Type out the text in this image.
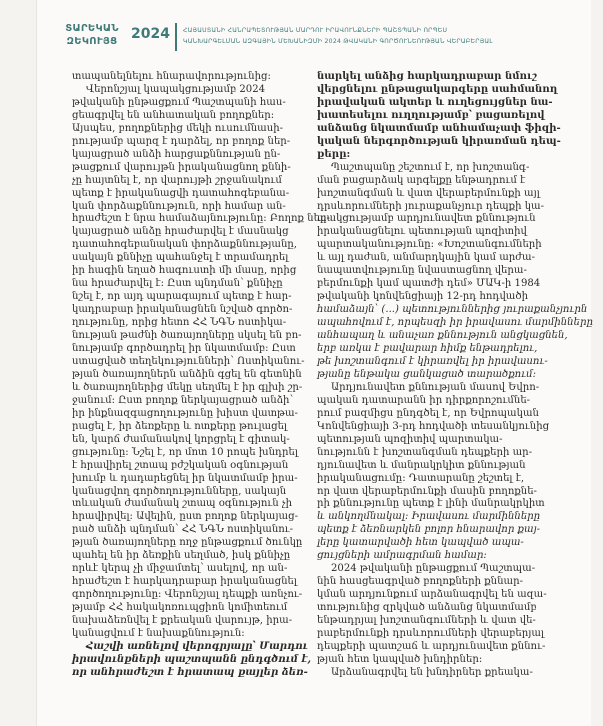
ՏԱՐԵԿԱՆ
ԶԵԿՈՒՅՑ 2024 ՀԱՅԱՍՏԱՆԻ ՀԱՆՐԱՊԵՏՈՒԹՅԱՆ ՄԱՐԴՈՒ ԻՐԱՎՈՒՆՔՆԵՐԻ ՊԱՇՏՊԱՆԻ ՈՐՊԵՍ
ԿԱՆԽԱՐԳԵԼՄԱՆ ԱԶԳԱՅԻՆ ՄԵԽԱՆԻԶՄԻ 2024 ԹՎԱԿԱՆԻ ԳՈՐԾՈՒՆԵՈՒԹՅԱՆ ՎԵՐԱԲԵՐՅԱԼ
տապանելնելու հնարավորությունից:
Վերոնշյալ կապակցությամբ 2024
թվականի ընթացքում Պաշտպանի հաս-
ցեագրվել են անհատական բողոքներ:
Այսպես, բողոքներից մեկի ուսումնասի-
րությամբ պարզ է դարձել, որ բողոք ներ-
կայացրած անձի հարցաքննության ըն-
թացքում վարույթն իրականացնող քննի-
չը հայտնել է, որ վարույթի շրջանակում
պետք է իրականացվի դատահոգեբանա-
կան փորձաքննություն, որի համար ան-
հրաժեշտ է նրա համաձայնությունը: Բողոք ներ-
կայացրած անձը հրաժարվել է մասնակց
դատահոգեբանական փորձաքննությանը,
սակայն քննիչը պահանջել է տրամադրել
իր հագին եղած հագուստի մի մասը, որից
նա հրաժարվել է: Ըստ պնդման՝ քննիչը
նշել է, որ այդ պարագայում պետք է հար-
կադրաբար իրականացնեն նշված գործո-
ղությունը, որից հետո ՀՀ ՆԳՆ ոստիկա-
նության թաժնի ծառայողները սկսել են բո-
նությամբ գործադրել իր նկատմամբ: Ըստ
ստացված տեղեկությունների՝ Ոստիկանու-
թյան ծառայողներն անձին գցել են գետնին
և ծառայողներից մեկը սեղմել է իր գլխի շր-
ջանում: Ըստ բողոք ներկայացրած անձի՝
իր ինքնազգացողությունը խիստ վատթա-
րացել է, իր ձեռքերը և ոտքերը թուլացել
են, կարճ ժամանակով կորցրել է գիտակ-
ցությունը: Նշել է, որ մոտ 10 րոպե խնդրել
է հրավիրել շտապ բժշկական օգնության
խումբ և դադարեցնել իր նկատմամբ իրա-
կանացվող գործողությունները, սակայն
տևական ժամանակ շտապ օգնություն չի
հրավիրվել: Ավելին, ըստ բողոք ներկայաց-
րած անձի պնդման՝ ՀՀ ՆԳՆ ոստիկանու-
թյան ծառայողները ողջ ընթացքում ծունկը
պահել են իր ձեռքին սեղմած, իսկ քննիչը
որևէ կերպ չի միջամտել՝ ասելով, որ ան-
հրաժեշտ է հարկադրաբար իրականացնել
գործողությունը: Վերոնշյալ դեպքի առնչու-
թյամբ ՀՀ հակակոռուպցիոն կոմիտեում
նախաձեռնվել է քրեական վարույթ, իրա-
կանացվում է նախաքննություն:
Հաշվի առնելով վերոգրյալը՝ Մարդու
իրավունքների պաշտպանն ընդգծում է,
որ անհրաժեշտ է հրատապ քայլեր ձեռ-
նարկել անձից հարկադրաբար նմուշ
վերցնելու ընթացակարգերը սահմանող
իրավական ակտեր և ուղեցույցներ նա-
խատեսելու ուղղությամբ՝ բացառելով
անձանց նկատմամբ անհամաչափ ֆիզի-
կական ներգործության կիրառման դեպ-
քերը:
Պաշտպանը շեշտում է, որ խոշտանգ-
ման բացարձակ արգելքը ենթադրում է
խոշտանգման և վատ վերաբերմունքի այլ
դրսևորումների յուրաքանչյուր դեպքի կա-
պակցությամբ արդյունավետ քննություն
իրականացնելու պետության պոզիտիվ
պարտականությունը: «Խոշտանգումների
և այլ դաժան, անմարդկային կամ արժա-
նապատվությունը նվաստացնող վերա-
բերմունքի կամ պատժի դեմ» ՄԱԿ-ի 1984
թվականի կոնվենցիայի 12-րդ հոդվածի
համաձայն՝ (...) պետություններից յուրաքանչյուրն
ապահովում է, որպեսզի իր իրավասու մարմինները
անհապաղ և անաչառ քննություն անցկացնեն,
երբ առկա է բավարար հիմք ենթադրելու,
թե խոշտանգում է կիրառվել իր իրավասու-
թյանը ենթակա ցանկացած տարածքում:
Արդյունավետ քննության մասով Եվրո-
պական դատարանն իր դիրքորոշումնե-
րում բազմիցս ընդգծել է, որ Եվրոպական
Կոնվենցիայի 3-րդ հոդվածի տեսանկյունից
պետության պոզիտիվ պարտակա-
նությունն է խոշտանգման դեպքերի ար-
դյունավետ և մանրակրկիտ քննության
իրականացումը: Դատարանը շեշտել է,
որ վատ վերաբերմունքի մասին բողոքնե-
րի քննությունը պետք է լինի մանրակրկիտ
և անկողմնակալ: Իրավասու մարմինները
պետք է ձեռնարկեն բոլոր հնարավոր քայ-
լերը կատարվածի հետ կապված ապա-
ցույցների ամրագրման համար:
2024 թվականի ընթացքում Պաշտպա-
նին հասցեագրված բողոքների քննար-
կման արդյունքում արձանագրվել են ազա-
տությունից զրկված անձանց նկատմամբ
ենթադրյալ խոշտանգումների և վատ վե-
րաբերմունքի դրսևորումների վերաբերյալ
դեպքերի պատշաճ և արդյունավետ քննու-
թյան հետ կապված խնդիրներ:
Արձանագրվել են խնդիրներ քրեակա-
